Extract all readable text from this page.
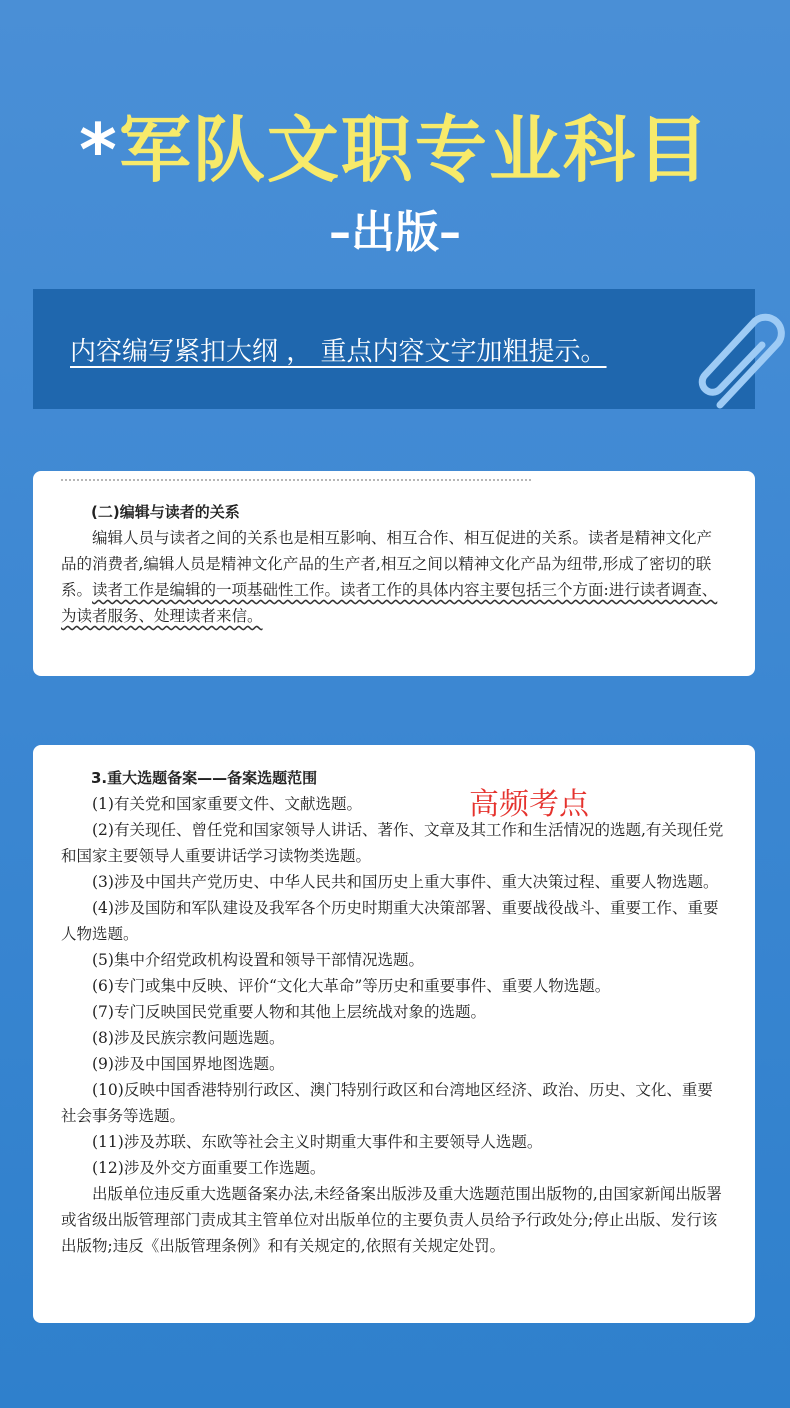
*军队文职专业科目
–出版–
内容编写紧扣大纲 ， 重点内容文字加粗提示。

(二)编辑与读者的关系

编辑人员与读者之间的关系也是相互影响、相互合作、相互促进的关系。读者是精神文化产品的消费者,编辑人员是精神文化产品的生产者,相互之间以精神文化产品为纽带,形成了密切的联系。读者工作是编辑的一项基础性工作。读者工作的具体内容主要包括三个方面:进行读者调查、为读者服务、处理读者来信。

高频考点

3.重大选题备案——备案选题范围

(1)有关党和国家重要文件、文献选题。

(2)有关现任、曾任党和国家领导人讲话、著作、文章及其工作和生活情况的选题,有关现任党和国家主要领导人重要讲话学习读物类选题。

(3)涉及中国共产党历史、中华人民共和国历史上重大事件、重大决策过程、重要人物选题。

(4)涉及国防和军队建设及我军各个历史时期重大决策部署、重要战役战斗、重要工作、重要人物选题。

(5)集中介绍党政机构设置和领导干部情况选题。

(6)专门或集中反映、评价“文化大革命”等历史和重要事件、重要人物选题。

(7)专门反映国民党重要人物和其他上层统战对象的选题。

(8)涉及民族宗教问题选题。

(9)涉及中国国界地图选题。

(10)反映中国香港特别行政区、澳门特别行政区和台湾地区经济、政治、历史、文化、重要社会事务等选题。

(11)涉及苏联、东欧等社会主义时期重大事件和主要领导人选题。

(12)涉及外交方面重要工作选题。

出版单位违反重大选题备案办法,未经备案出版涉及重大选题范围出版物的,由国家新闻出版署或省级出版管理部门责成其主管单位对出版单位的主要负责人员给予行政处分;停止出版、发行该出版物;违反《出版管理条例》和有关规定的,依照有关规定处罚。
